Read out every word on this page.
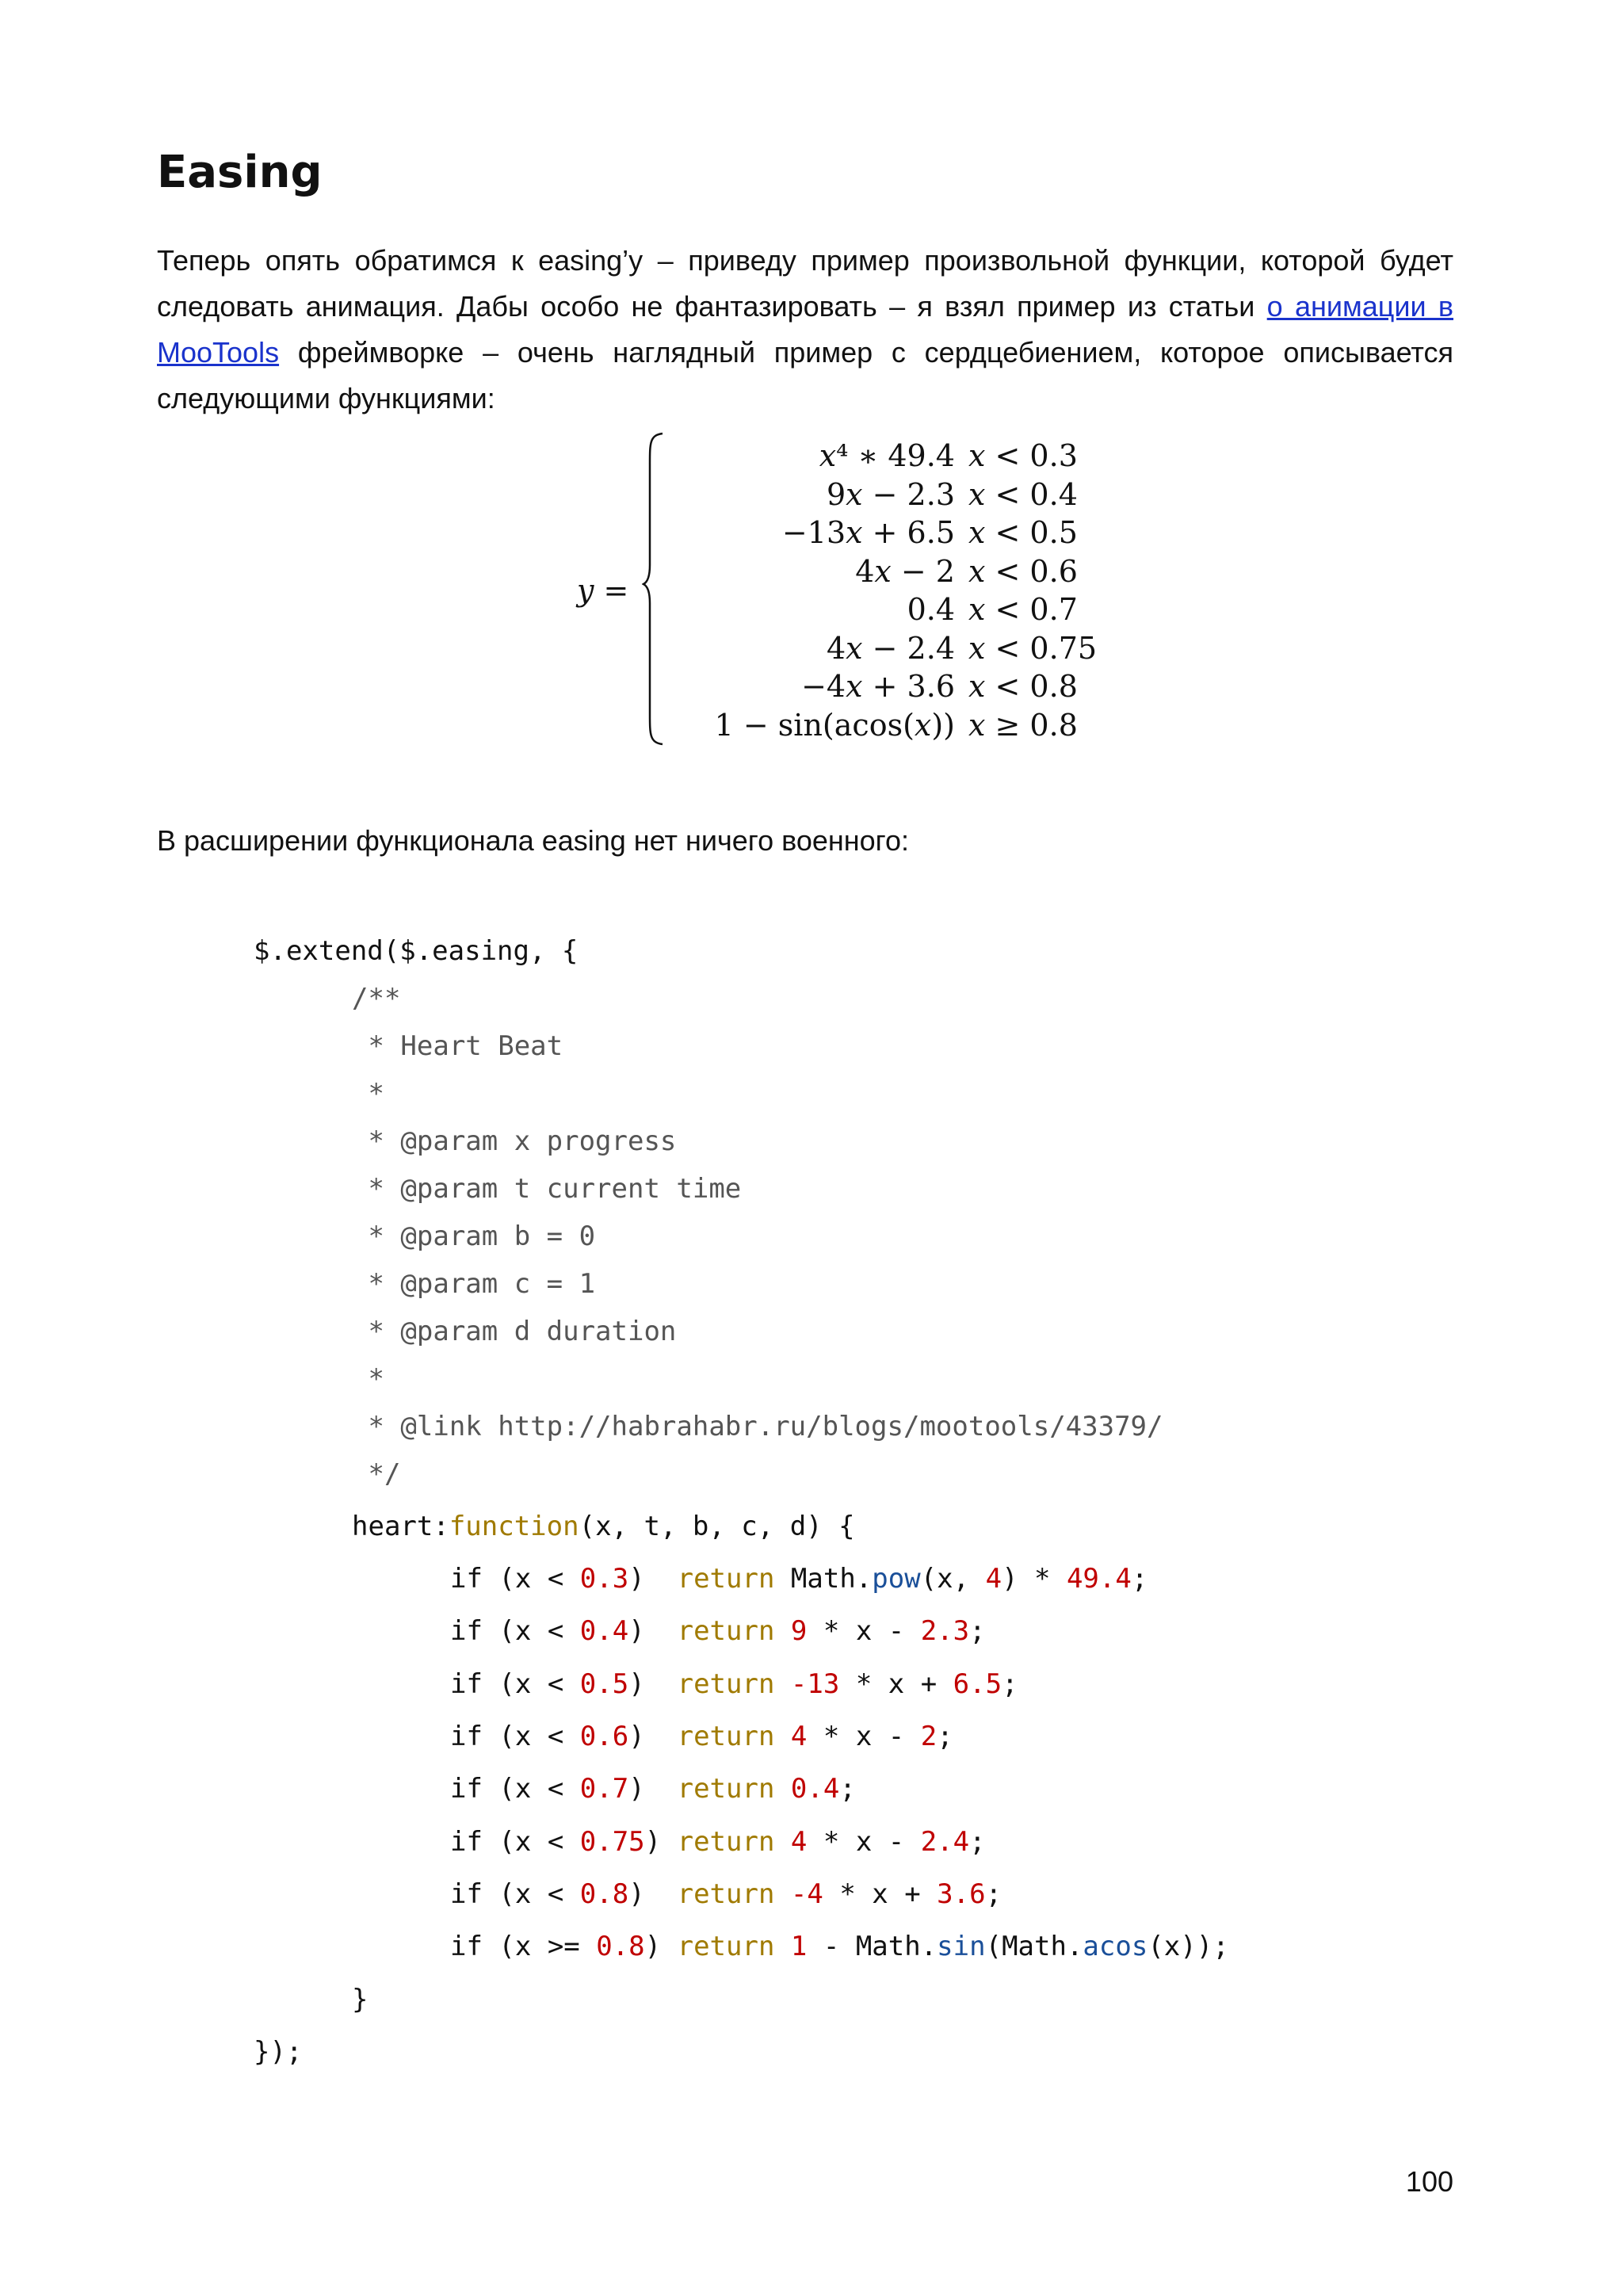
Easing

Теперь опять обратимся к easing’у – приведу пример произвольной функции, которой будет следовать анимация. Дабы особо не фантазировать – я взял пример из статьи о анимации в MooTools фреймворке – очень наглядный пример с сердцебиением, которое описывается следующими функциями:

y =
x⁴ ∗ 49.4 x < 0.3
9x − 2.3 x < 0.4
−13x + 6.5 x < 0.5
4x − 2 x < 0.6
0.4 x < 0.7
4x − 2.4 x < 0.75
−4x + 3.6 x < 0.8
1 − sin(acos(x)) x ≥ 0.8

В расширении функционала easing нет ничего военного:

$.extend($.easing, {
/**
* Heart Beat
*
* @param x progress
* @param t current time
* @param b = 0
* @param c = 1
* @param d duration
*
* @link http://habrahabr.ru/blogs/mootools/43379/
*/
heart:function(x, t, b, c, d) {
if (x < 0.3)  return Math.pow(x, 4) * 49.4;
if (x < 0.4)  return 9 * x - 2.3;
if (x < 0.5)  return -13 * x + 6.5;
if (x < 0.6)  return 4 * x - 2;
if (x < 0.7)  return 0.4;
if (x < 0.75) return 4 * x - 2.4;
if (x < 0.8)  return -4 * x + 3.6;
if (x >= 0.8) return 1 - Math.sin(Math.acos(x));
}
});
100
